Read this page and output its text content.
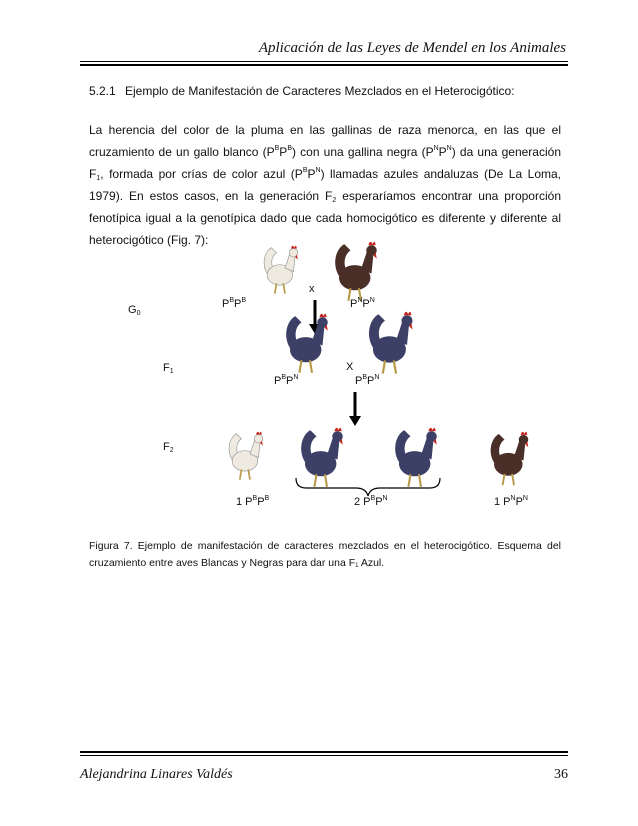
Aplicación de las Leyes de Mendel en los Animales
5.2.1 Ejemplo de Manifestación de Caracteres Mezclados en el Heterocigótico:
La herencia del color de la pluma en las gallinas de raza menorca, en las que el cruzamiento de un gallo blanco $(P^BP^B)$ con una gallina negra $(P^NP^N)$ da una generación $F_1$, formada por crías de color azul $(P^BP^N)$ llamadas azules andaluzas (De La Loma, 1979). En estos casos, en la generación $F_2$ esperaríamos encontrar una proporción fenotípica igual a la genotípica dado que cada homocigótico es diferente y diferente al heterocigótico (Fig. 7):
x
$G_0$
$P^BP^B$	$P^NP^N$
$F_1$	X
$P^BP^N$	$P^BP^N$
$F_2$
1 $P^BP^B$	2 $P^BP^N$	1 $P^NP^N$
Figura 7. Ejemplo de manifestación de caracteres mezclados en el heterocigótico. Esquema del cruzamiento entre aves Blancas y Negras para dar una $F_1$ Azul.
Alejandrina Linares Valdés	36
